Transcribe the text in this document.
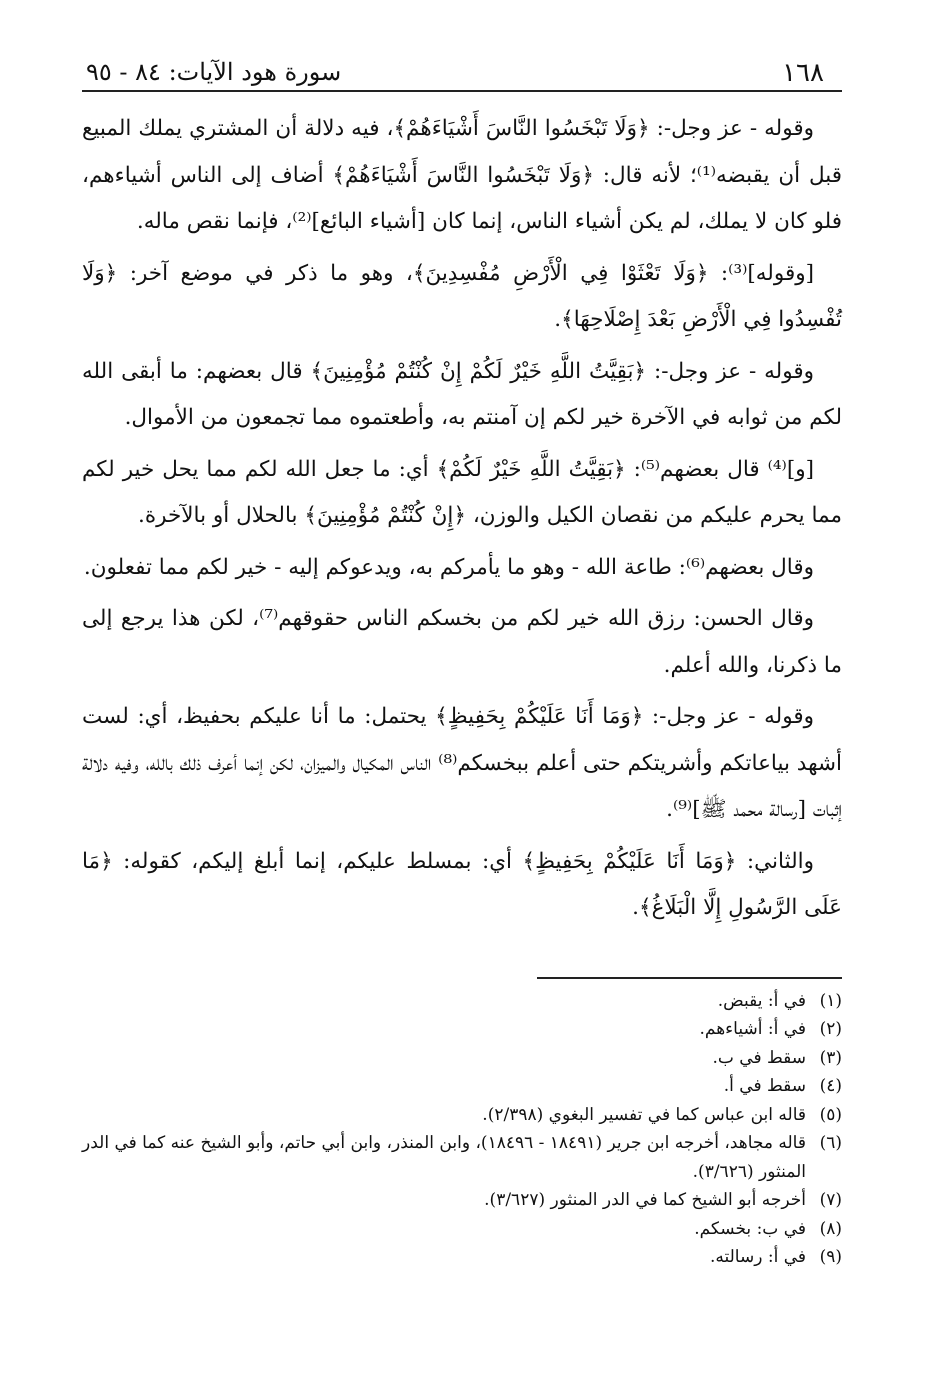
١٦٨
سورة هود الآيات: ٨٤ - ٩٥

وقوله - عز وجل-: ﴿وَلَا تَبْخَسُوا النَّاسَ أَشْيَاءَهُمْ﴾، فيه دلالة أن المشتري يملك المبيع قبل أن يقبضه⁽¹⁾؛ لأنه قال: ﴿وَلَا تَبْخَسُوا النَّاسَ أَشْيَاءَهُمْ﴾ أضاف إلى الناس أشياءهم، فلو كان لا يملك، لم يكن أشياء الناس، إنما كان [أشياء البائع]⁽²⁾، فإنما نقص ماله.

[وقوله]⁽³⁾: ﴿وَلَا تَعْثَوْا فِي الْأَرْضِ مُفْسِدِينَ﴾، وهو ما ذكر في موضع آخر: ﴿وَلَا تُفْسِدُوا فِي الْأَرْضِ بَعْدَ إِصْلَاحِهَا﴾.

وقوله - عز وجل-: ﴿بَقِيَّتُ اللَّهِ خَيْرٌ لَكُمْ إِنْ كُنْتُمْ مُؤْمِنِينَ﴾ قال بعضهم: ما أبقى الله لكم من ثوابه في الآخرة خير لكم إن آمنتم به، وأطعتموه مما تجمعون من الأموال.

[و]⁽⁴⁾ قال بعضهم⁽⁵⁾: ﴿بَقِيَّتُ اللَّهِ خَيْرٌ لَكُمْ﴾ أي: ما جعل الله لكم مما يحل خير لكم مما يحرم عليكم من نقصان الكيل والوزن، ﴿إِنْ كُنْتُمْ مُؤْمِنِينَ﴾ بالحلال أو بالآخرة.

وقال بعضهم⁽⁶⁾: طاعة الله - وهو ما يأمركم به، ويدعوكم إليه - خير لكم مما تفعلون.

وقال الحسن: رزق الله خير لكم من بخسكم الناس حقوقهم⁽⁷⁾، لكن هذا يرجع إلى ما ذكرنا، والله أعلم.

وقوله - عز وجل-: ﴿وَمَا أَنَا عَلَيْكُمْ بِحَفِيظٍ﴾ يحتمل: ما أنا عليكم بحفيظ، أي: لست أشهد بياعاتكم وأشريتكم حتى أعلم ببخسكم⁽⁸⁾ الناس المكيال والميزان، لكن إنما أعرف ذلك بالله، وفيه دلالة إثبات [رسالة محمد ﷺ]⁽⁹⁾.

والثاني: ﴿وَمَا أَنَا عَلَيْكُمْ بِحَفِيظٍ﴾ أي: بمسلط عليكم، إنما أبلغ إليكم، كقوله: ﴿مَا عَلَى الرَّسُولِ إِلَّا الْبَلَاغُ﴾.

(١)
في أ: يقبض.
(٢)
في أ: أشياءهم.
(٣)
سقط في ب.
(٤)
سقط في أ.
(٥)
قاله ابن عباس كما في تفسير البغوي (٢/٣٩٨).
(٦)
قاله مجاهد، أخرجه ابن جرير (١٨٤٩١ - ١٨٤٩٦)، وابن المنذر، وابن أبي حاتم، وأبو الشيخ عنه كما في الدر المنثور (٣/٦٢٦).
(٧)
أخرجه أبو الشيخ كما في الدر المنثور (٣/٦٢٧).
(٨)
في ب: بخسكم.
(٩)
في أ: رسالته.
